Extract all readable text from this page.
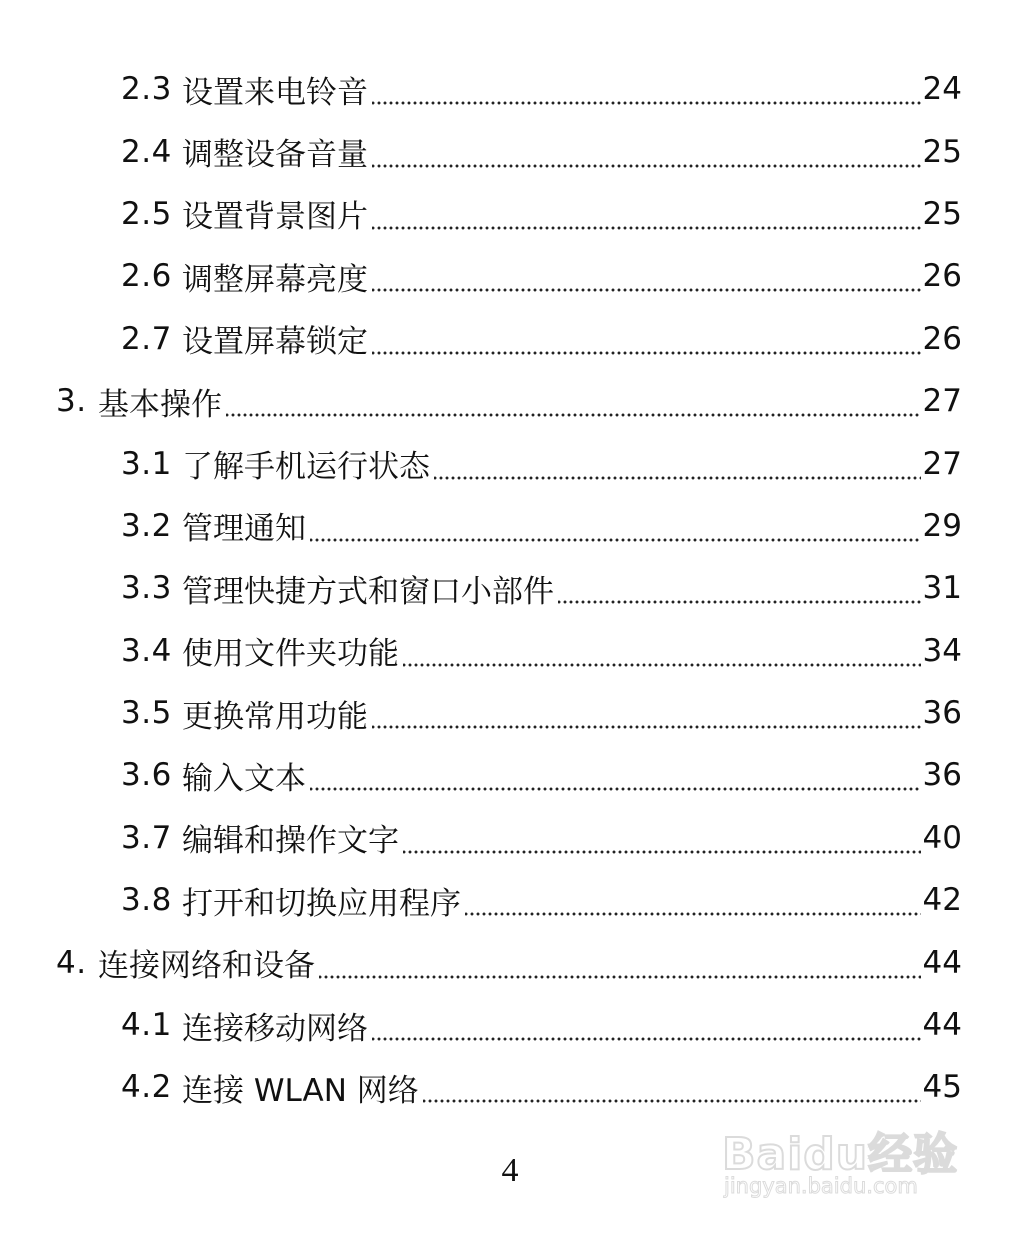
2.3 设置来电铃音	24
2.4 调整设备音量	25
2.5 设置背景图片	25
2.6 调整屏幕亮度	26
2.7 设置屏幕锁定	26
3. 基本操作	27
3.1 了解手机运行状态	27
3.2 管理通知	29
3.3 管理快捷方式和窗口小部件	31
3.4 使用文件夹功能	34
3.5 更换常用功能	36
3.6 输入文本	36
3.7 编辑和操作文字	40
3.8 打开和切换应用程序	42
4. 连接网络和设备	44
4.1 连接移动网络	44
4.2 连接 WLAN 网络	45
4	Baidu经验
jingyan.baidu.com
